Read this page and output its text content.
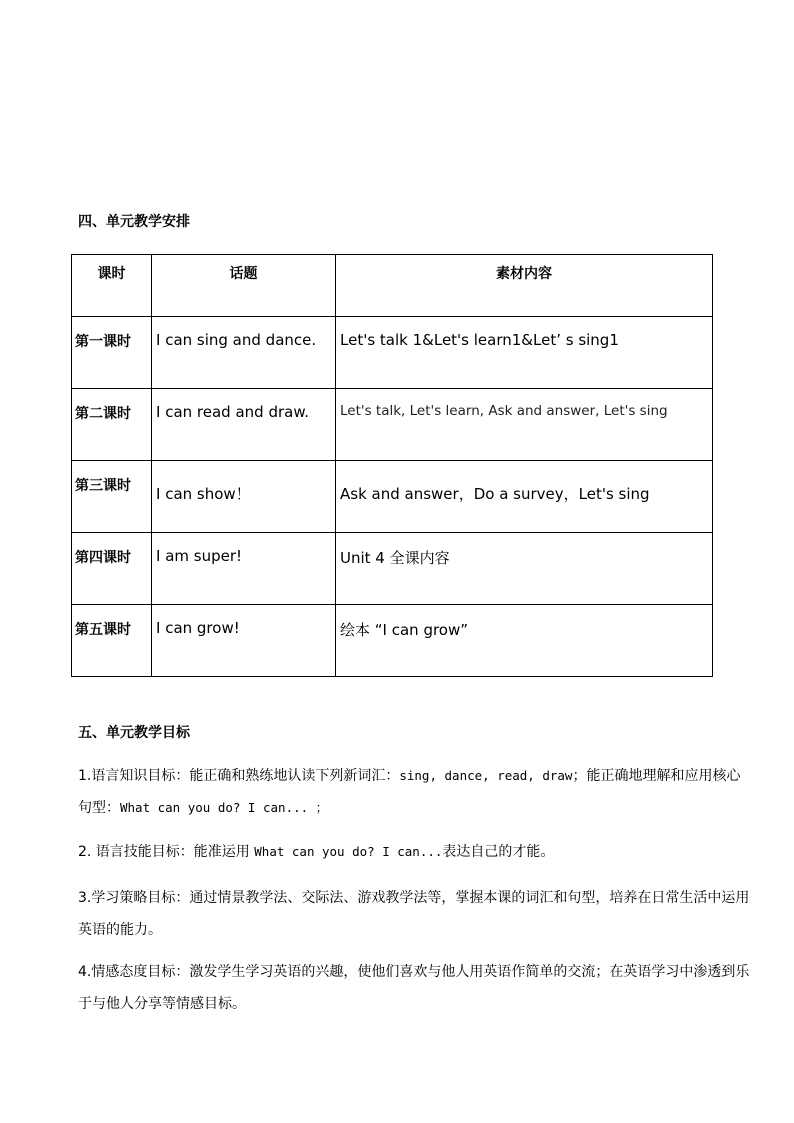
四、单元教学安排

课时	话题	素材内容
第一课时	I can sing and dance.	Let's talk 1&Let's learn1&Let’ s sing1
第二课时	I can read and draw.	Let's talk, Let's learn, Ask and answer, Let's sing
第三课时	I can show！	Ask and answer，Do a survey，Let's sing
第四课时	I am super!	Unit 4 全课内容
第五课时	I can grow!	绘本 “I can grow”

五、单元教学目标

1.语言知识目标：能正确和熟练地认读下列新词汇：sing, dance, read, draw；能正确地理解和应用核心句型：What can you do? I can... ；

2. 语言技能目标：能准运用 What can you do? I can...表达自己的才能。

3.学习策略目标：通过情景教学法、交际法、游戏教学法等，掌握本课的词汇和句型，培养在日常生活中运用英语的能力。

4.情感态度目标：激发学生学习英语的兴趣，使他们喜欢与他人用英语作简单的交流；在英语学习中渗透到乐于与他人分享等情感目标。
